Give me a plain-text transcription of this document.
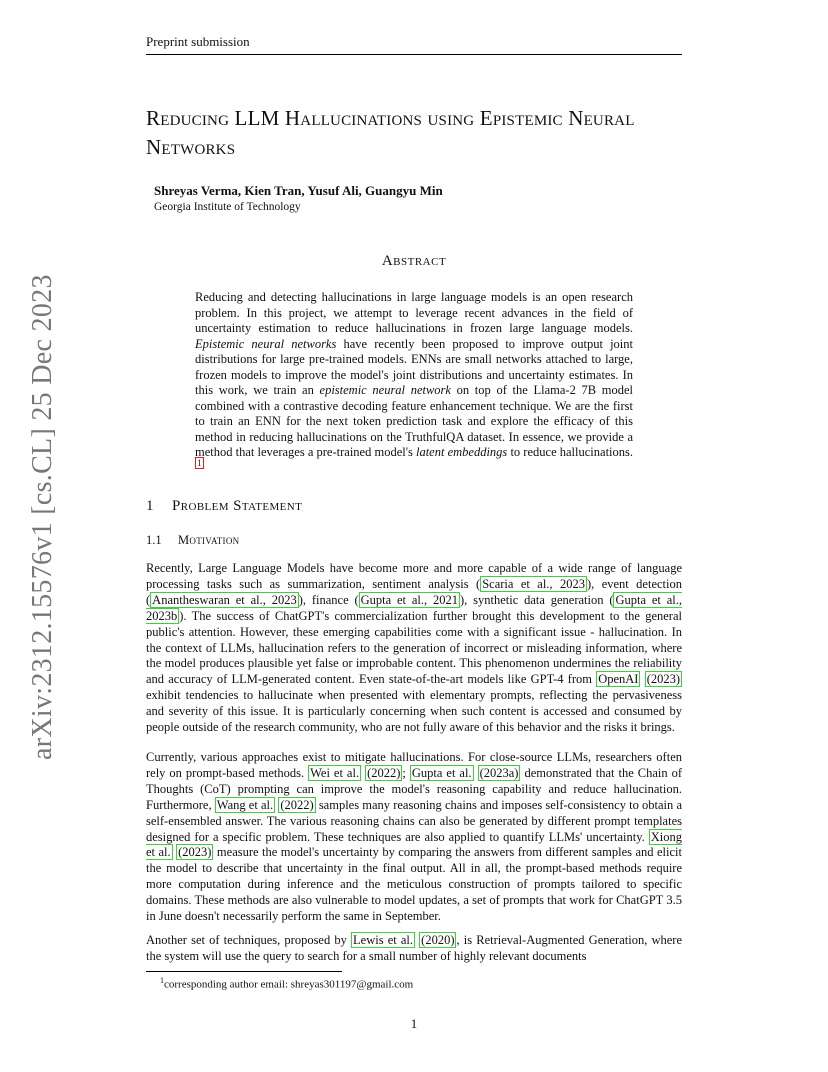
Preprint submission
arXiv:2312.15576v1 [cs.CL] 25 Dec 2023
Reducing LLM Hallucinations using Epistemic Neural Networks
Shreyas Verma, Kien Tran, Yusuf Ali, Guangyu Min
Georgia Institute of Technology
Abstract
Reducing and detecting hallucinations in large language models is an open research problem. In this project, we attempt to leverage recent advances in the field of uncertainty estimation to reduce hallucinations in frozen large language models. Epistemic neural networks have recently been proposed to improve output joint distributions for large pre-trained models. ENNs are small networks attached to large, frozen models to improve the model's joint distributions and uncertainty estimates. In this work, we train an epistemic neural network on top of the Llama-2 7B model combined with a contrastive decoding feature enhancement technique. We are the first to train an ENN for the next token prediction task and explore the efficacy of this method in reducing hallucinations on the TruthfulQA dataset. In essence, we provide a method that leverages a pre-trained model's latent embeddings to reduce hallucinations. $^1$
1 Problem Statement
1.1 Motivation
Recently, Large Language Models have become more and more capable of a wide range of language processing tasks such as summarization, sentiment analysis ( Scaria et al., 2023 ), event detection ( Anantheswaran et al., 2023 ), finance ( Gupta et al., 2021 ), synthetic data generation ( Gupta et al., 2023b ). The success of ChatGPT's commercialization further brought this development to the general public's attention. However, these emerging capabilities come with a significant issue - hallucination. In the context of LLMs, hallucination refers to the generation of incorrect or misleading information, where the model produces plausible yet false or improbable content. This phenomenon undermines the reliability and accuracy of LLM-generated content. Even state-of-the-art models like GPT-4 from OpenAI (2023) exhibit tendencies to hallucinate when presented with elementary prompts, reflecting the pervasiveness and severity of this issue. It is particularly concerning when such content is accessed and consumed by people outside of the research community, who are not fully aware of this behavior and the risks it brings.
Currently, various approaches exist to mitigate hallucinations. For close-source LLMs, researchers often rely on prompt-based methods. Wei et al. (2022) ; Gupta et al. (2023a) demonstrated that the Chain of Thoughts (CoT) prompting can improve the model's reasoning capability and reduce hallucination. Furthermore, Wang et al. (2022) samples many reasoning chains and imposes self-consistency to obtain a self-ensembled answer. The various reasoning chains can also be generated by different prompt templates designed for a specific problem. These techniques are also applied to quantify LLMs' uncertainty. Xiong et al. (2023) measure the model's uncertainty by comparing the answers from different samples and elicit the model to describe that uncertainty in the final output. All in all, the prompt-based methods require more computation during inference and the meticulous construction of prompts tailored to specific domains. These methods are also vulnerable to model updates, a set of prompts that work for ChatGPT 3.5 in June doesn't necessarily perform the same in September.
Another set of techniques, proposed by Lewis et al. (2020) , is Retrieval-Augmented Generation, where the system will use the query to search for a small number of highly relevant documents
$^1$corresponding author email: shreyas301197@gmail.com
1
